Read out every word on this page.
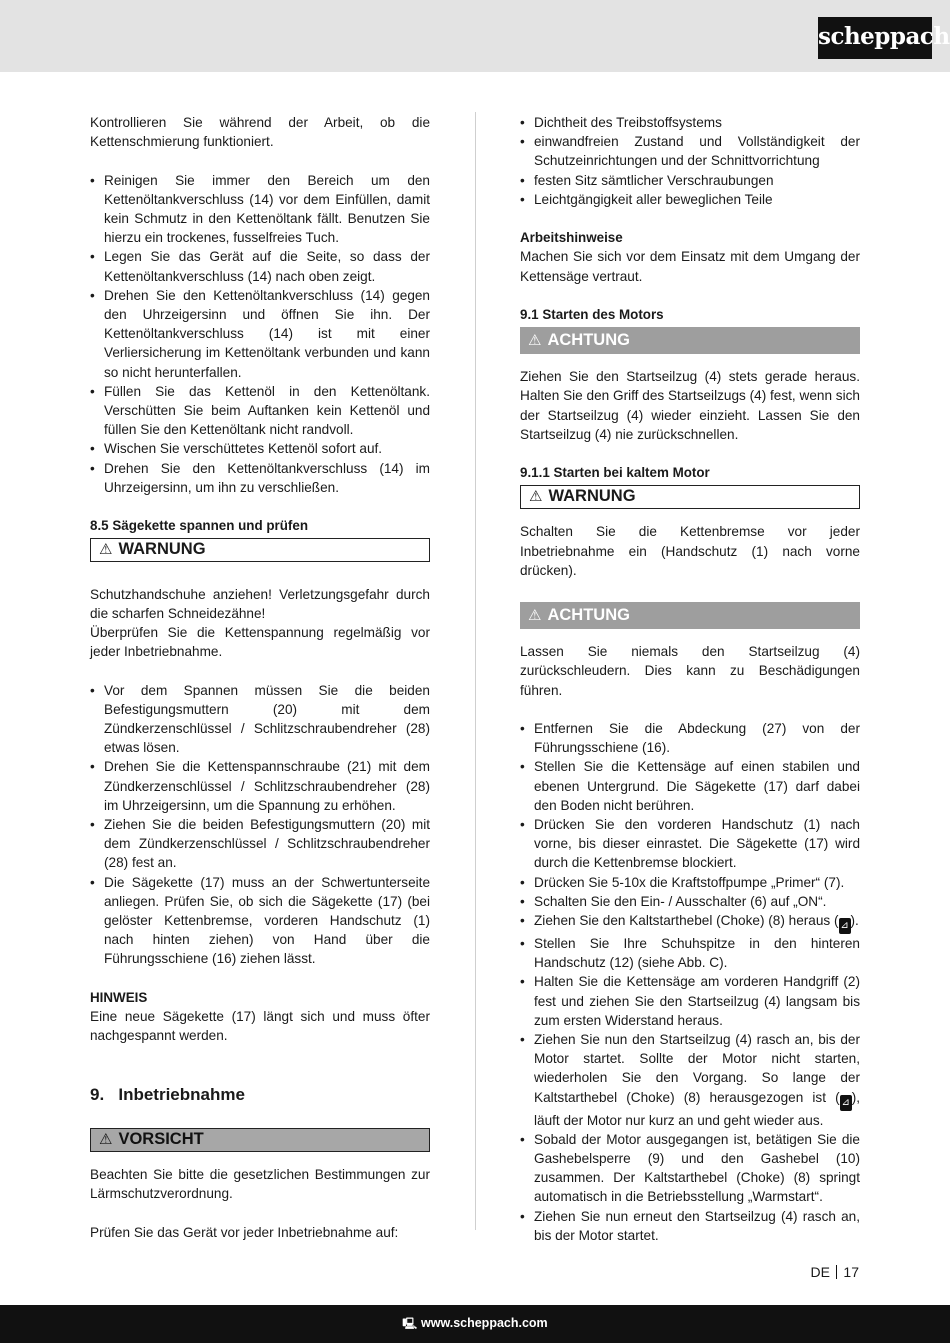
scheppach

Kontrollieren Sie während der Arbeit, ob die Kettenschmierung funktioniert.

• Reinigen Sie immer den Bereich um den Kettenöltankverschluss (14) vor dem Einfüllen, damit kein Schmutz in den Kettenöltank fällt. Benutzen Sie hierzu ein trockenes, fusselfreies Tuch.
• Legen Sie das Gerät auf die Seite, so dass der Kettenöltankverschluss (14) nach oben zeigt.
• Drehen Sie den Kettenöltankverschluss (14) gegen den Uhrzeigersinn und öffnen Sie ihn. Der Kettenöltankverschluss (14) ist mit einer Verliersicherung im Kettenöltank verbunden und kann so nicht herunterfallen.
• Füllen Sie das Kettenöl in den Kettenöltank. Verschütten Sie beim Auftanken kein Kettenöl und füllen Sie den Kettenöltank nicht randvoll.
• Wischen Sie verschüttetes Kettenöl sofort auf.
• Drehen Sie den Kettenöltankverschluss (14) im Uhrzeigersinn, um ihn zu verschließen.

8.5 Sägekette spannen und prüfen

⚠ WARNUNG

Schutzhandschuhe anziehen! Verletzungsgefahr durch die scharfen Schneidezähne!

Überprüfen Sie die Kettenspannung regelmäßig vor jeder Inbetriebnahme.

• Vor dem Spannen müssen Sie die beiden Befestigungsmuttern (20) mit dem Zündkerzenschlüssel / Schlitzschraubendreher (28) etwas lösen.
• Drehen Sie die Kettenspannschraube (21) mit dem Zündkerzenschlüssel / Schlitzschraubendreher (28) im Uhrzeigersinn, um die Spannung zu erhöhen.
• Ziehen Sie die beiden Befestigungsmuttern (20) mit dem Zündkerzenschlüssel / Schlitzschraubendreher (28) fest an.
• Die Sägekette (17) muss an der Schwertunterseite anliegen. Prüfen Sie, ob sich die Sägekette (17) (bei gelöster Kettenbremse, vorderen Handschutz (1) nach hinten ziehen) von Hand über die Führungsschiene (16) ziehen lässt.

HINWEIS

Eine neue Sägekette (17) längt sich und muss öfter nachgespannt werden.

9.   Inbetriebnahme

⚠ VORSICHT

Beachten Sie bitte die gesetzlichen Bestimmungen zur Lärmschutzverordnung.

Prüfen Sie das Gerät vor jeder Inbetriebnahme auf:

• Dichtheit des Treibstoffsystems
• einwandfreien Zustand und Vollständigkeit der Schutzeinrichtungen und der Schnittvorrichtung
• festen Sitz sämtlicher Verschraubungen
• Leichtgängigkeit aller beweglichen Teile

Arbeitshinweise

Machen Sie sich vor dem Einsatz mit dem Umgang der Kettensäge vertraut.

9.1 Starten des Motors

⚠ ACHTUNG

Ziehen Sie den Startseilzug (4) stets gerade heraus. Halten Sie den Griff des Startseilzugs (4) fest, wenn sich der Startseilzug (4) wieder einzieht. Lassen Sie den Startseilzug (4) nie zurückschnellen.

9.1.1 Starten bei kaltem Motor

⚠ WARNUNG

Schalten Sie die Kettenbremse vor jeder Inbetriebnahme ein (Handschutz (1) nach vorne drücken).

⚠ ACHTUNG

Lassen Sie niemals den Startseilzug (4) zurückschleudern. Dies kann zu Beschädigungen führen.

• Entfernen Sie die Abdeckung (27) von der Führungsschiene (16).
• Stellen Sie die Kettensäge auf einen stabilen und ebenen Untergrund. Die Sägekette (17) darf dabei den Boden nicht berühren.
• Drücken Sie den vorderen Handschutz (1) nach vorne, bis dieser einrastet. Die Sägekette (17) wird durch die Kettenbremse blockiert.
• Drücken Sie 5-10x die Kraftstoffpumpe „Primer“ (7).
• Schalten Sie den Ein- / Ausschalter (6) auf „ON“.
• Ziehen Sie den Kaltstarthebel (Choke) (8) heraus ( ⊿ ).
• Stellen Sie Ihre Schuhspitze in den hinteren Handschutz (12) (siehe Abb. C).
• Halten Sie die Kettensäge am vorderen Handgriff (2) fest und ziehen Sie den Startseilzug (4) langsam bis zum ersten Widerstand heraus.
• Ziehen Sie nun den Startseilzug (4) rasch an, bis der Motor startet. Sollte der Motor nicht starten, wiederholen Sie den Vorgang. So lange der Kaltstarthebel (Choke) (8) herausgezogen ist ( ⊿ ), läuft der Motor nur kurz an und geht wieder aus.
• Sobald der Motor ausgegangen ist, betätigen Sie die Gashebelsperre (9) und den Gashebel (10) zusammen. Der Kaltstarthebel (Choke) (8) springt automatisch in die Betriebsstellung „Warmstart“.
• Ziehen Sie nun erneut den Startseilzug (4) rasch an, bis der Motor startet.
DE 17
🖳 www.scheppach.com
